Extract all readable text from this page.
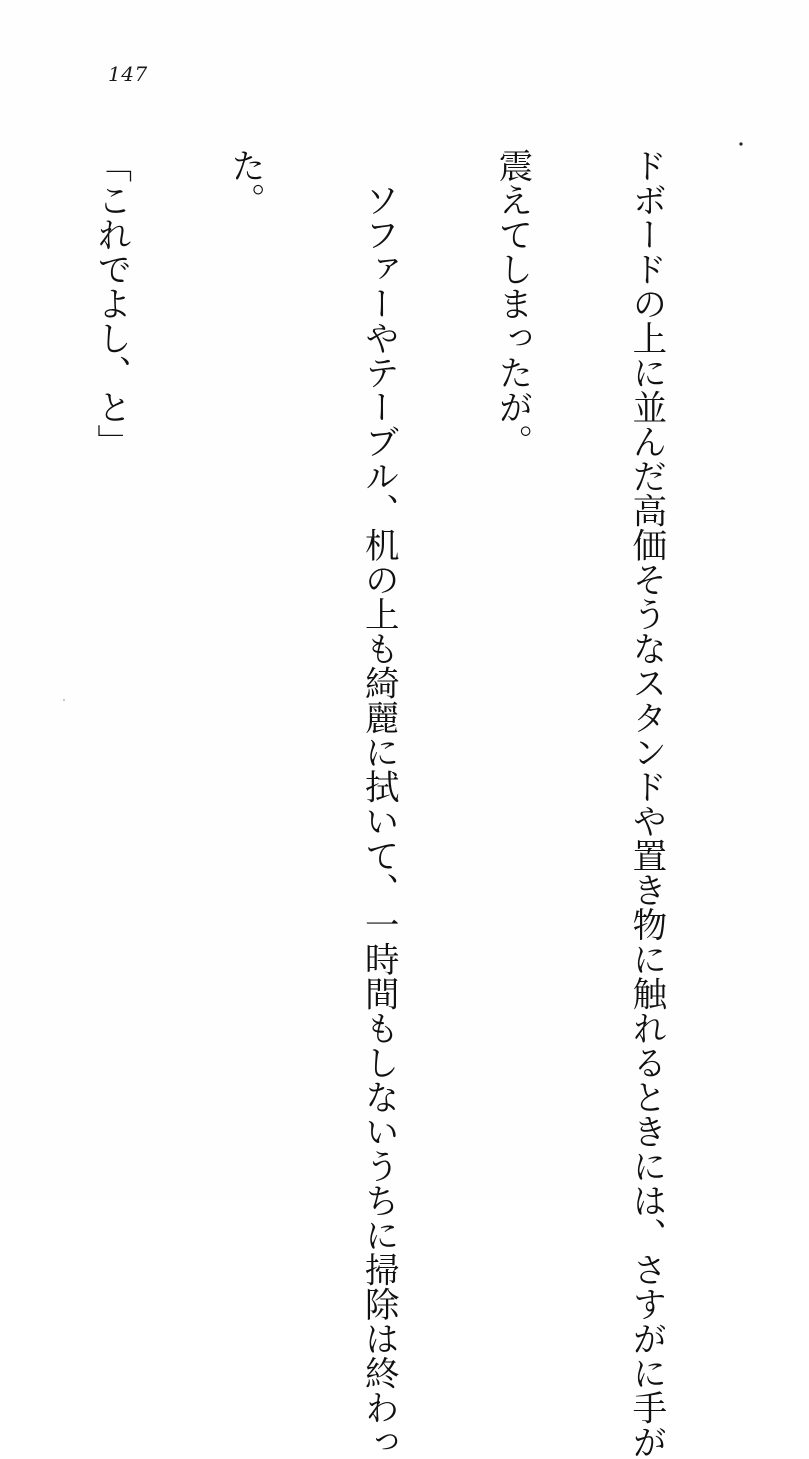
147

ドボードの上に並んだ高価そうなスタンドや置き物に触れるときには、さすがに手が

震えてしまったが。

　ソファーやテーブル、机の上も綺麗に拭いて、一時間もしないうちに掃除は終わっ

た。

「これでよし、と」
